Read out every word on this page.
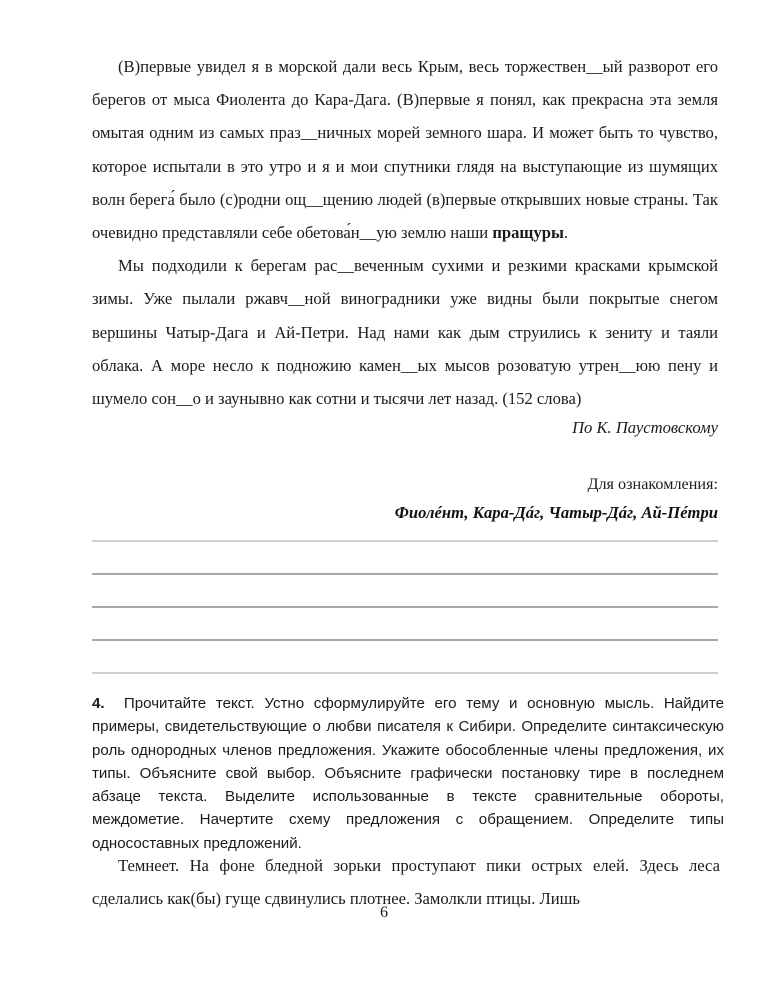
(В)первые увидел я в морской дали весь Крым, весь торжествен__ый разворот его берегов от мыса Фиолента до Кара-Дага. (В)первые я понял, как прекрасна эта земля омытая одним из самых праз__ничных морей земного шара. И может быть то чувство, которое испытали в это утро и я и мои спутники глядя на выступающие из шумящих волн берега́ было (с)родни ощ__щению людей (в)первые открывших новые страны. Так очевидно представляли себе обетова́н__ую землю наши пращуры.

Мы подходили к берегам рас__веченным сухими и резкими красками крымской зимы. Уже пылали ржавч__ной виноградники уже видны были покрытые снегом вершины Чатыр-Дага и Ай-Петри. Над нами как дым струились к зениту и таяли облака. А море несло к подножию камен__ых мысов розоватую утрен__юю пену и шумело сон__о и заунывно как сотни и тысячи лет назад. (152 слова)

По К. Паустовскому

Для ознакомления:

Фиолéнт, Кара-Дáг, Чатыр-Дáг, Ай-Пéтри

4. Прочитайте текст. Устно сформулируйте его тему и основную мысль. Найдите примеры, свидетельствующие о любви писателя к Сибири. Определите синтаксическую роль однородных членов предложения. Укажите обособленные члены предложения, их типы. Объясните свой выбор. Объясните графически постановку тире в последнем абзаце текста. Выделите использованные в тексте сравнительные обороты, междометие. Начертите схему предложения с обращением. Определите типы односоставных предложений.

Темнеет. На фоне бледной зорьки проступают пики острых елей. Здесь леса сделались как(бы) гуще сдвинулись плотнее. Замолкли птицы. Лишь

6
